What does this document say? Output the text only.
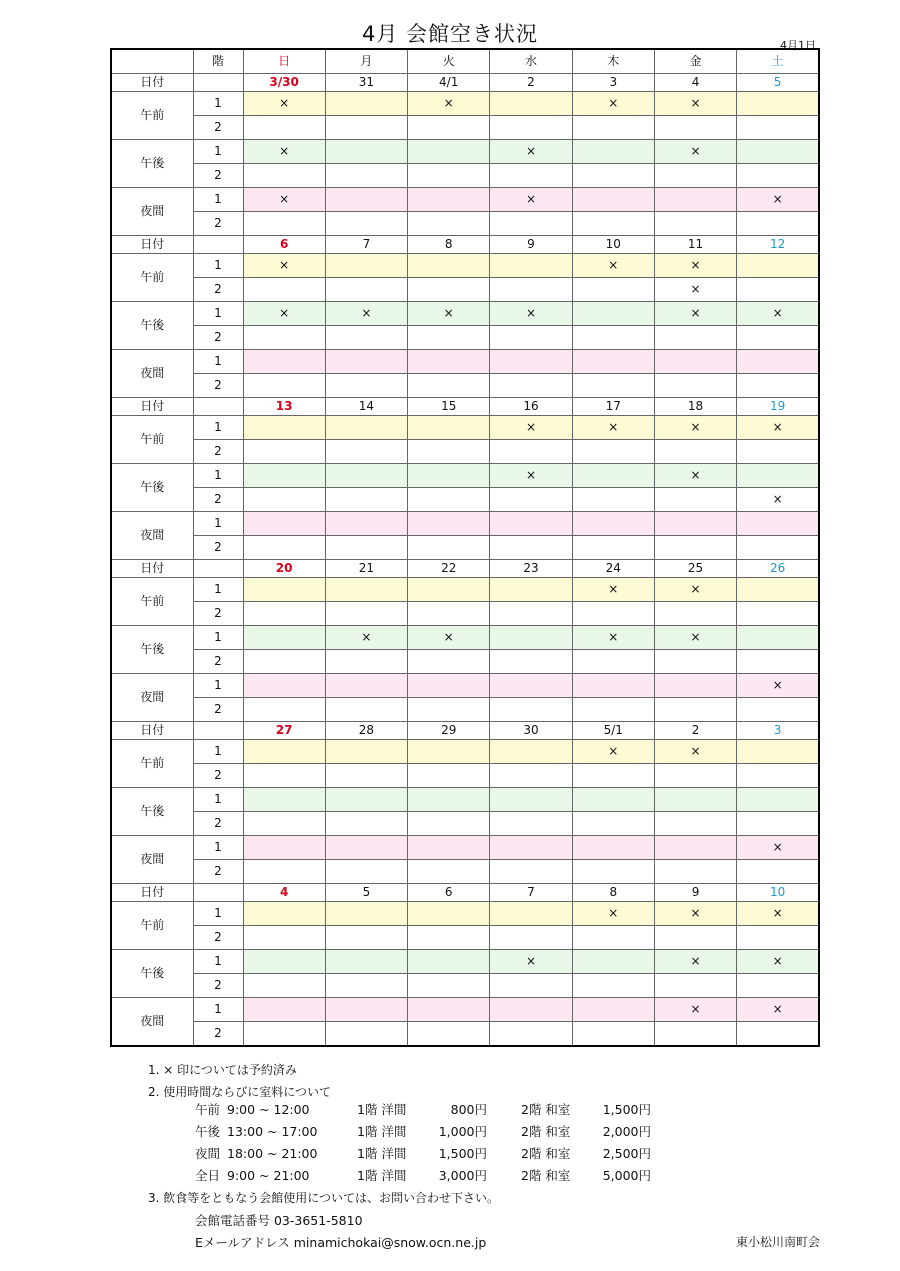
4月 会館空き状況	4月1日
	階	日	月	火	水	木	金	土
日付		3/30	31	4/1	2	3	4	5
午前	1	×		×		×	×	
	2							
午後	1	×			×		×	
	2							
夜間	1	×			×			×
	2							
日付		6	7	8	9	10	11	12
午前	1	×				×	×	
	2						×	
午後	1	×	×	×	×		×	×
	2							
夜間	1							
	2							
日付		13	14	15	16	17	18	19
午前	1				×	×	×	×
	2							
午後	1				×		×	
	2							×
夜間	1							
	2							
日付		20	21	22	23	24	25	26
午前	1					×	×	
	2							
午後	1		×	×		×	×	
	2							
夜間	1							×
	2							
日付		27	28	29	30	5/1	2	3
午前	1					×	×	
	2							
午後	1							
	2							
夜間	1							×
	2							
日付		4	5	6	7	8	9	10
午前	1					×	×	×
	2							
午後	1				×		×	×
	2							
夜間	1						×	×
	2							
1. × 印については予約済み
2. 使用時間ならびに室料について
午前 9:00 ~ 12:00	1階 洋間	800円	2階 和室	1,500円
午後 13:00 ~ 17:00	1階 洋間	1,000円	2階 和室	2,000円
夜間 18:00 ~ 21:00	1階 洋間	1,500円	2階 和室	2,500円
全日 9:00 ~ 21:00	1階 洋間	3,000円	2階 和室	5,000円
3. 飲食等をともなう会館使用については、お問い合わせ下さい。
会館電話番号 03-3651-5810
Eメールアドレス minamichokai@snow.ocn.ne.jp	東小松川南町会
